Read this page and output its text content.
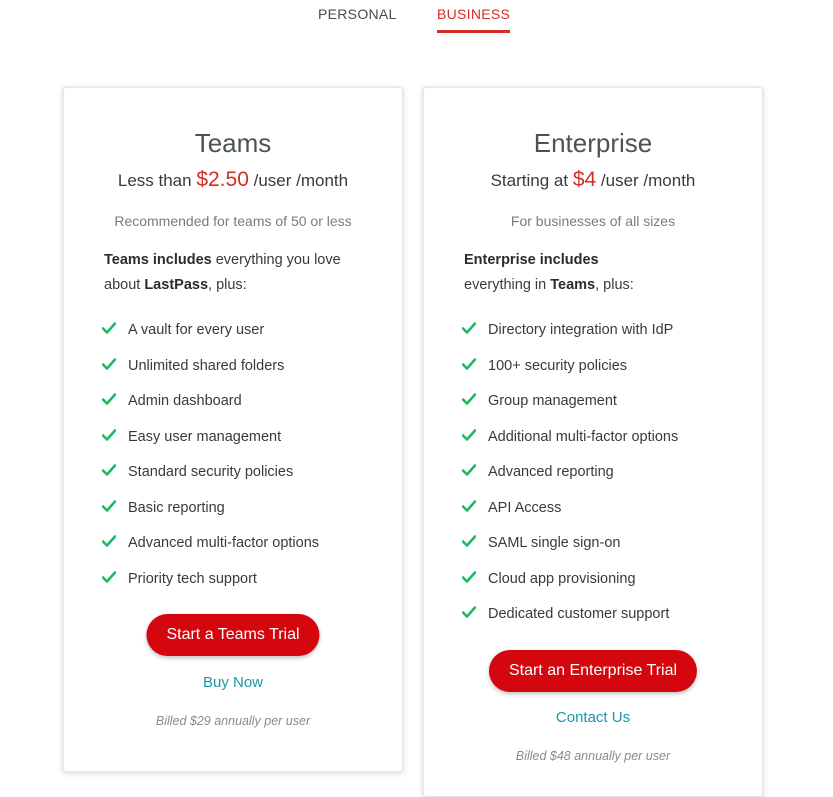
PERSONAL	BUSINESS
Teams
Less than $2.50 /user /month
Recommended for teams of 50 or less
Teams includes everything you love about LastPass, plus:
A vault for every user
Unlimited shared folders
Admin dashboard
Easy user management
Standard security policies
Basic reporting
Advanced multi-factor options
Priority tech support
Start a Teams Trial
Buy Now
Billed $29 annually per user
Enterprise
Starting at $4 /user /month
For businesses of all sizes
Enterprise includes
everything in Teams, plus:
Directory integration with IdP
100+ security policies
Group management
Additional multi-factor options
Advanced reporting
API Access
SAML single sign-on
Cloud app provisioning
Dedicated customer support
Start an Enterprise Trial
Contact Us
Billed $48 annually per user
